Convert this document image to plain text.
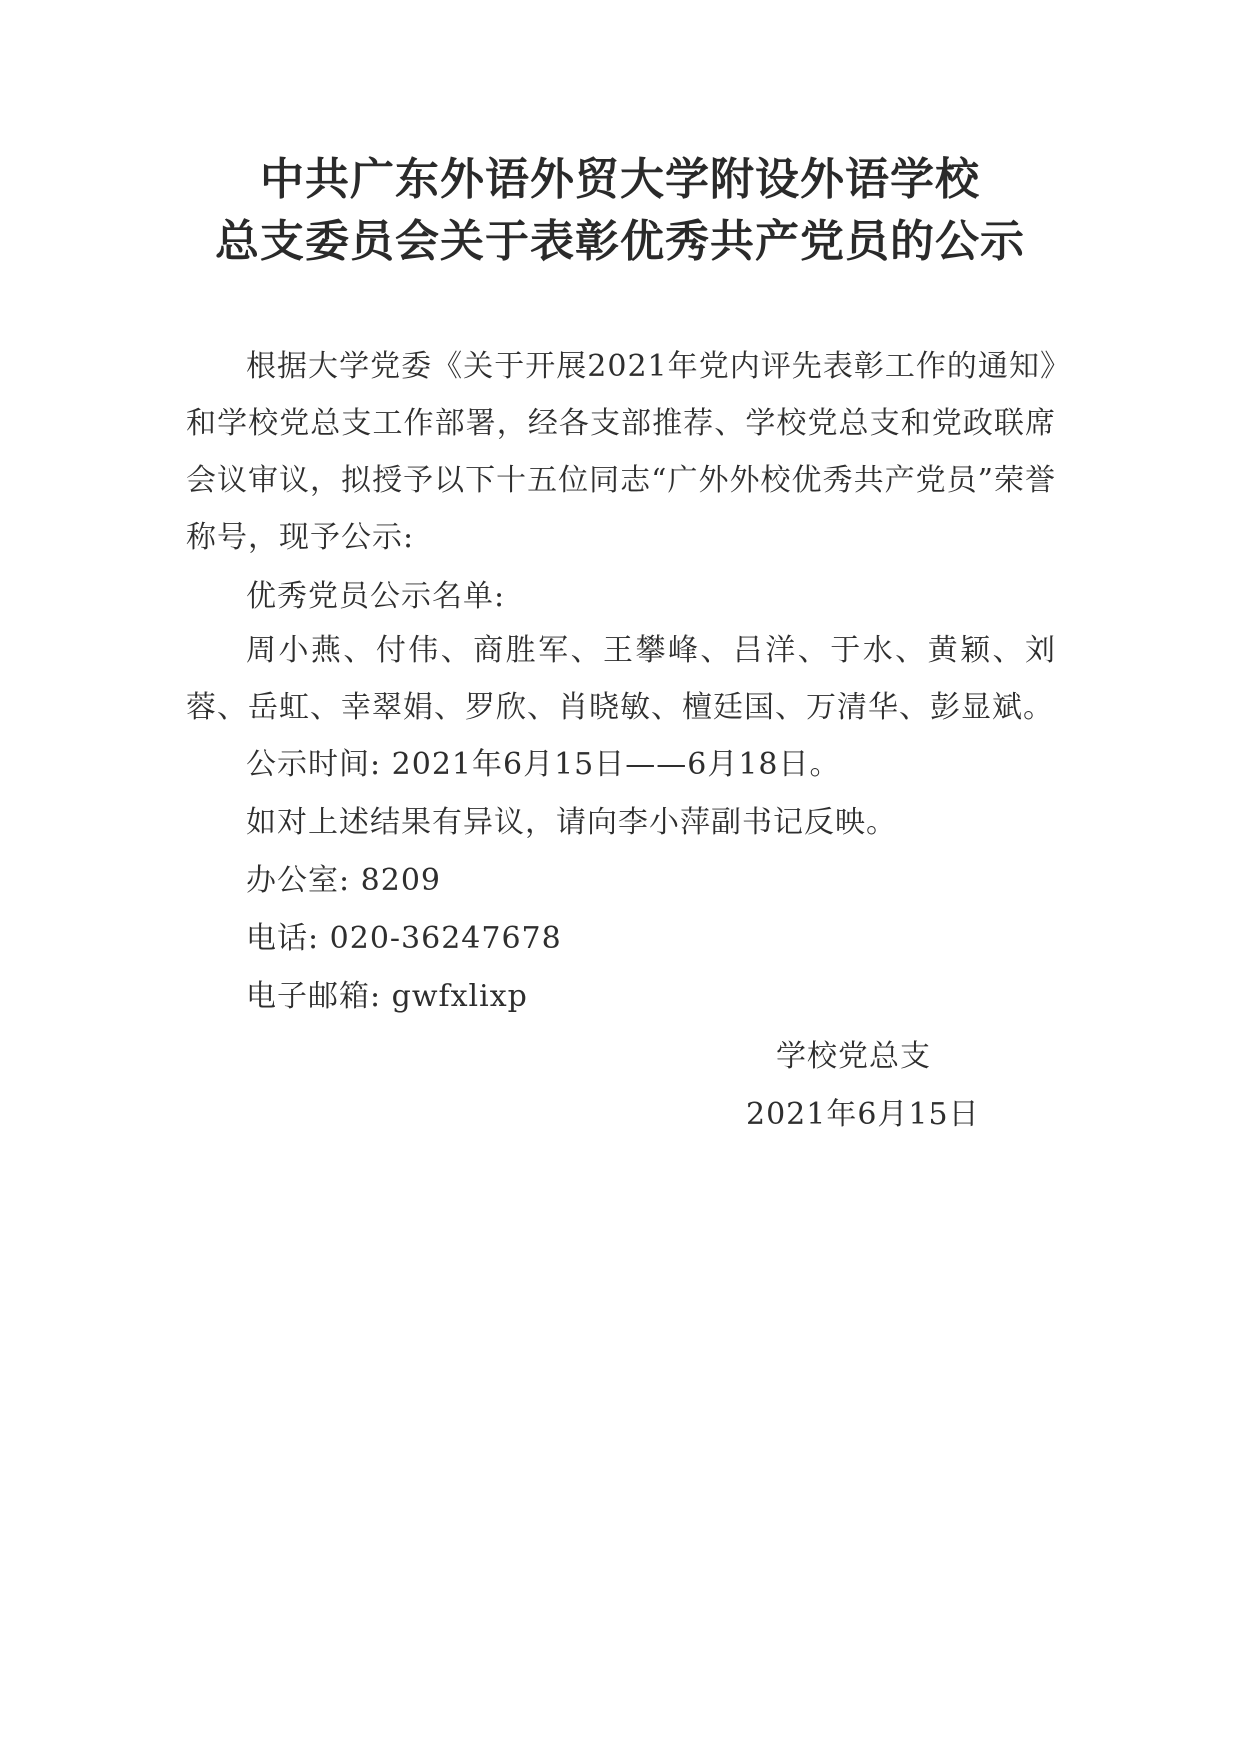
中共广东外语外贸大学附设外语学校
总支委员会关于表彰优秀共产党员的公示
根据大学党委《关于开展2021年党内评先表彰工作的通知》和学校党总支工作部署，经各支部推荐、学校党总支和党政联席会议审议，拟授予以下十五位同志“广外外校优秀共产党员”荣誉称号，现予公示:
优秀党员公示名单:
周小燕、付伟、商胜军、王攀峰、吕洋、于水、黄颖、刘蓉、岳虹、幸翠娟、罗欣、肖晓敏、檀廷国、万清华、彭显斌。
公示时间: 2021年6月15日——6月18日。
如对上述结果有异议，请向李小萍副书记反映。
办公室: 8209
电话: 020-36247678
电子邮箱: gwfxlixp
学校党总支
2021年6月15日
